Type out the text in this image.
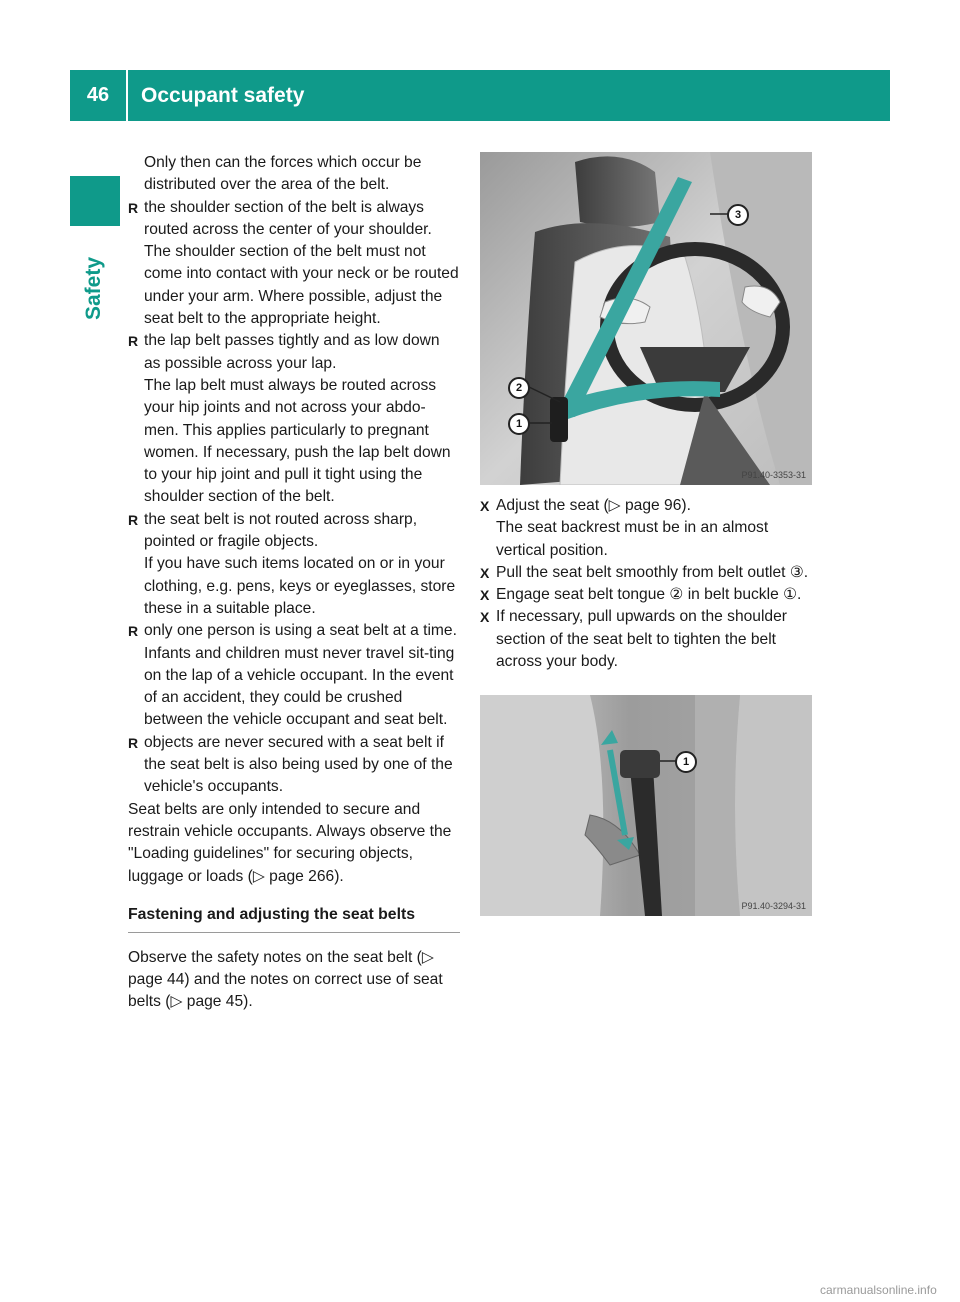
46	Occupant safety
Safety

Only then can the forces which occur be distributed over the area of the belt.

R the shoulder section of the belt is always routed across the center of your shoulder.

The shoulder section of the belt must not come into contact with your neck or be routed under your arm. Where possible, adjust the seat belt to the appropriate height.

R the lap belt passes tightly and as low down as possible across your lap.

The lap belt must always be routed across your hip joints and not across your abdo-men. This applies particularly to pregnant women. If necessary, push the lap belt down to your hip joint and pull it tight using the shoulder section of the belt.

R the seat belt is not routed across sharp, pointed or fragile objects.

If you have such items located on or in your clothing, e.g. pens, keys or eyeglasses, store these in a suitable place.

R only one person is using a seat belt at a time.

Infants and children must never travel sit-ting on the lap of a vehicle occupant. In the event of an accident, they could be crushed between the vehicle occupant and seat belt.

R objects are never secured with a seat belt if the seat belt is also being used by one of the vehicle's occupants.

Seat belts are only intended to secure and restrain vehicle occupants. Always observe the "Loading guidelines" for securing objects, luggage or loads (▷ page 266).

Fastening and adjusting the seat belts

Observe the safety notes on the seat belt (▷ page 44) and the notes on correct use of seat belts (▷ page 45).

3
2
1
P91.40-3353-31
X Adjust the seat (▷ page 96).

The seat backrest must be in an almost vertical position.

X Pull the seat belt smoothly from belt outlet ③.

X Engage seat belt tongue ② in belt buckle ①.

X If necessary, pull upwards on the shoulder section of the seat belt to tighten the belt across your body.

1
P91.40-3294-31
carmanualsonline.info
